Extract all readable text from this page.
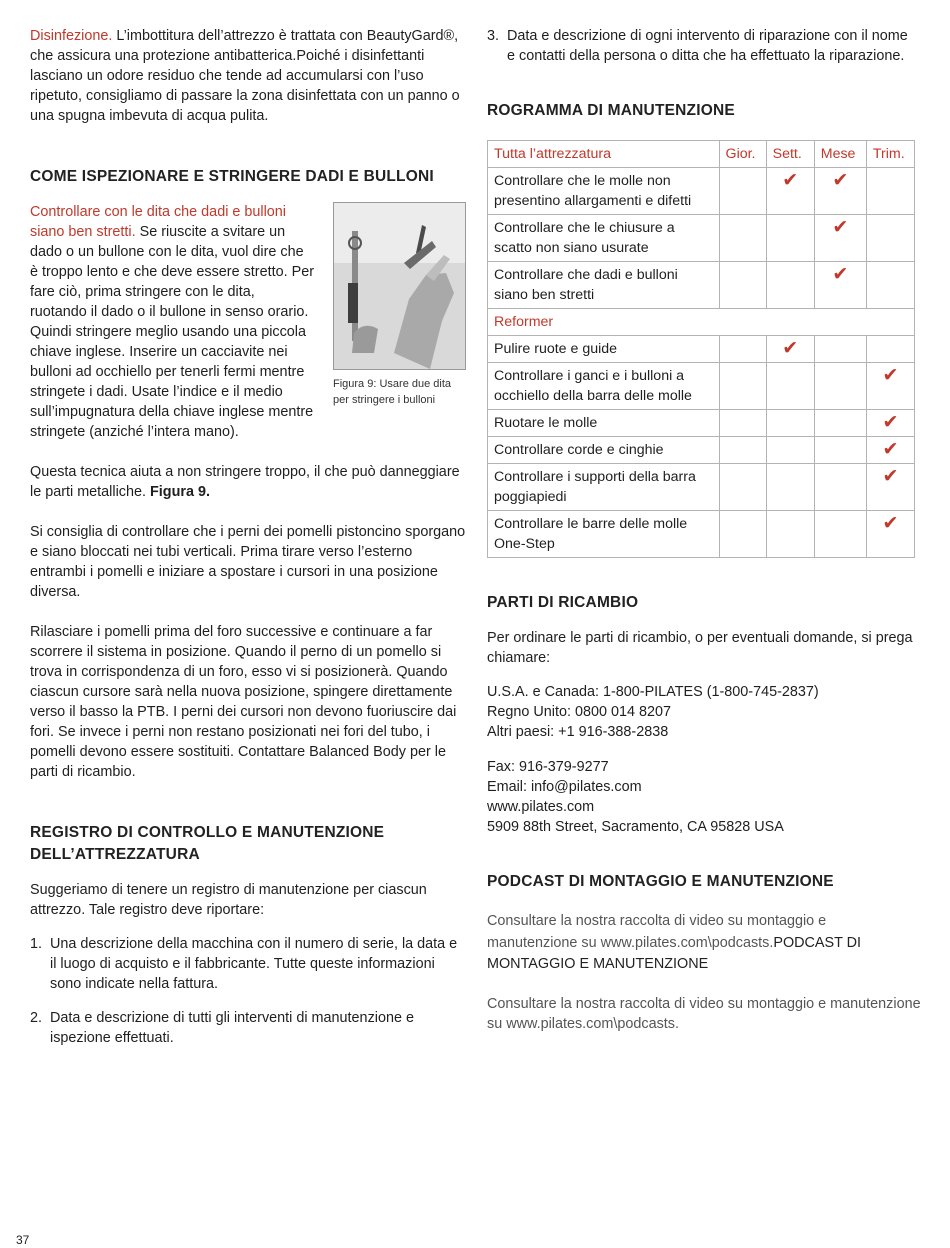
Disinfezione. L’imbottitura dell’attrezzo è trattata con BeautyGard®, che assicura una protezione antibatterica.Poiché i disinfettanti lasciano un odore residuo che tende ad accumularsi con l’uso ripetuto, consigliamo di passare la zona disinfettata con un panno o una spugna imbevuta di acqua pulita.

COME ISPEZIONARE E STRINGERE DADI E BULLONI
Figura 9: Usare due dita per stringere i bulloni

Controllare con le dita che dadi e bulloni siano ben stretti. Se riuscite a svitare un dado o un bullone con le dita, vuol dire che è troppo lento e che deve essere stretto. Per fare ciò, prima stringere con le dita, ruotando il dado o il bullone in senso orario. Quindi stringere meglio usando una piccola chiave inglese. Inserire un cacciavite nei bulloni ad occhiello per tenerli fermi mentre stringete i dadi. Usate l’indice e il medio sull’impugnatura della chiave inglese mentre stringete (anziché l’intera mano).

Questa tecnica aiuta a non stringere troppo, il che può danneggiare le parti metalliche. Figura 9.

Si consiglia di controllare che i perni dei pomelli pistoncino sporgano e siano bloccati nei tubi verticali. Prima tirare verso l’esterno entrambi i pomelli e iniziare a spostare i cursori in una posizione diversa.

Rilasciare i pomelli prima del foro successive e continuare a far scorrere il sistema in posizione. Quando il perno di un pomello si trova in corrispondenza di un foro, esso vi si posizionerà. Quando ciascun cursore sarà nella nuova posizione, spingere direttamente verso il basso la PTB. I perni dei cursori non devono fuoriuscire dai fori. Se invece i perni non restano posizionati nei fori del tubo, i pomelli devono essere sostituiti. Contattare Balanced Body per le parti di ricambio.

REGISTRO DI CONTROLLO E MANUTENZIONE
DELL’ATTREZZATURA

Suggeriamo di tenere un registro di manutenzione per ciascun attrezzo. Tale registro deve riportare:

1. Una descrizione della macchina con il numero di serie, la data e il luogo di acquisto e il fabbricante. Tutte queste informazioni sono indicate nella fattura.
2. Data e descrizione di tutti gli interventi di manutenzione e ispezione effettuati.
3. Data e descrizione di ogni intervento di riparazione con il nome e contatti della persona o ditta che ha effettuato la riparazione.
ROGRAMMA DI MANUTENZIONE
Tutta l’attrezzatura	Gior.	Sett.	Mese	Trim.
Controllare che le molle non presentino allargamenti e difetti		✔	✔	
Controllare che le chiusure a scatto non siano usurate			✔	
Controllare che dadi e bulloni siano ben stretti			✔	
Reformer				
Pulire ruote e guide		✔		
Controllare i ganci e i bulloni a occhiello della barra delle molle				✔
Ruotare le molle				✔
Controllare corde e cinghie				✔
Controllare i supporti della barra poggiapiedi				✔
Controllare le barre delle molle One-Step				✔
PARTI DI RICAMBIO

Per ordinare le parti di ricambio, o per eventuali domande, si prega chiamare:

U.S.A. e Canada: 1-800-PILATES (1-800-745-2837)
Regno Unito: 0800 014 8207
Altri paesi: +1 916-388-2838
Fax: 916-379-9277
Email: info@pilates.com
www.pilates.com
5909 88th Street, Sacramento, CA 95828 USA
PODCAST DI MONTAGGIO E MANUTENZIONE

Consultare la nostra raccolta di video su montaggio e manutenzione su www.pilates.com\podcasts.PODCAST DI MONTAGGIO E MANUTENZIONE

Consultare la nostra raccolta di video su montaggio e manutenzione su www.pilates.com\podcasts.

37
